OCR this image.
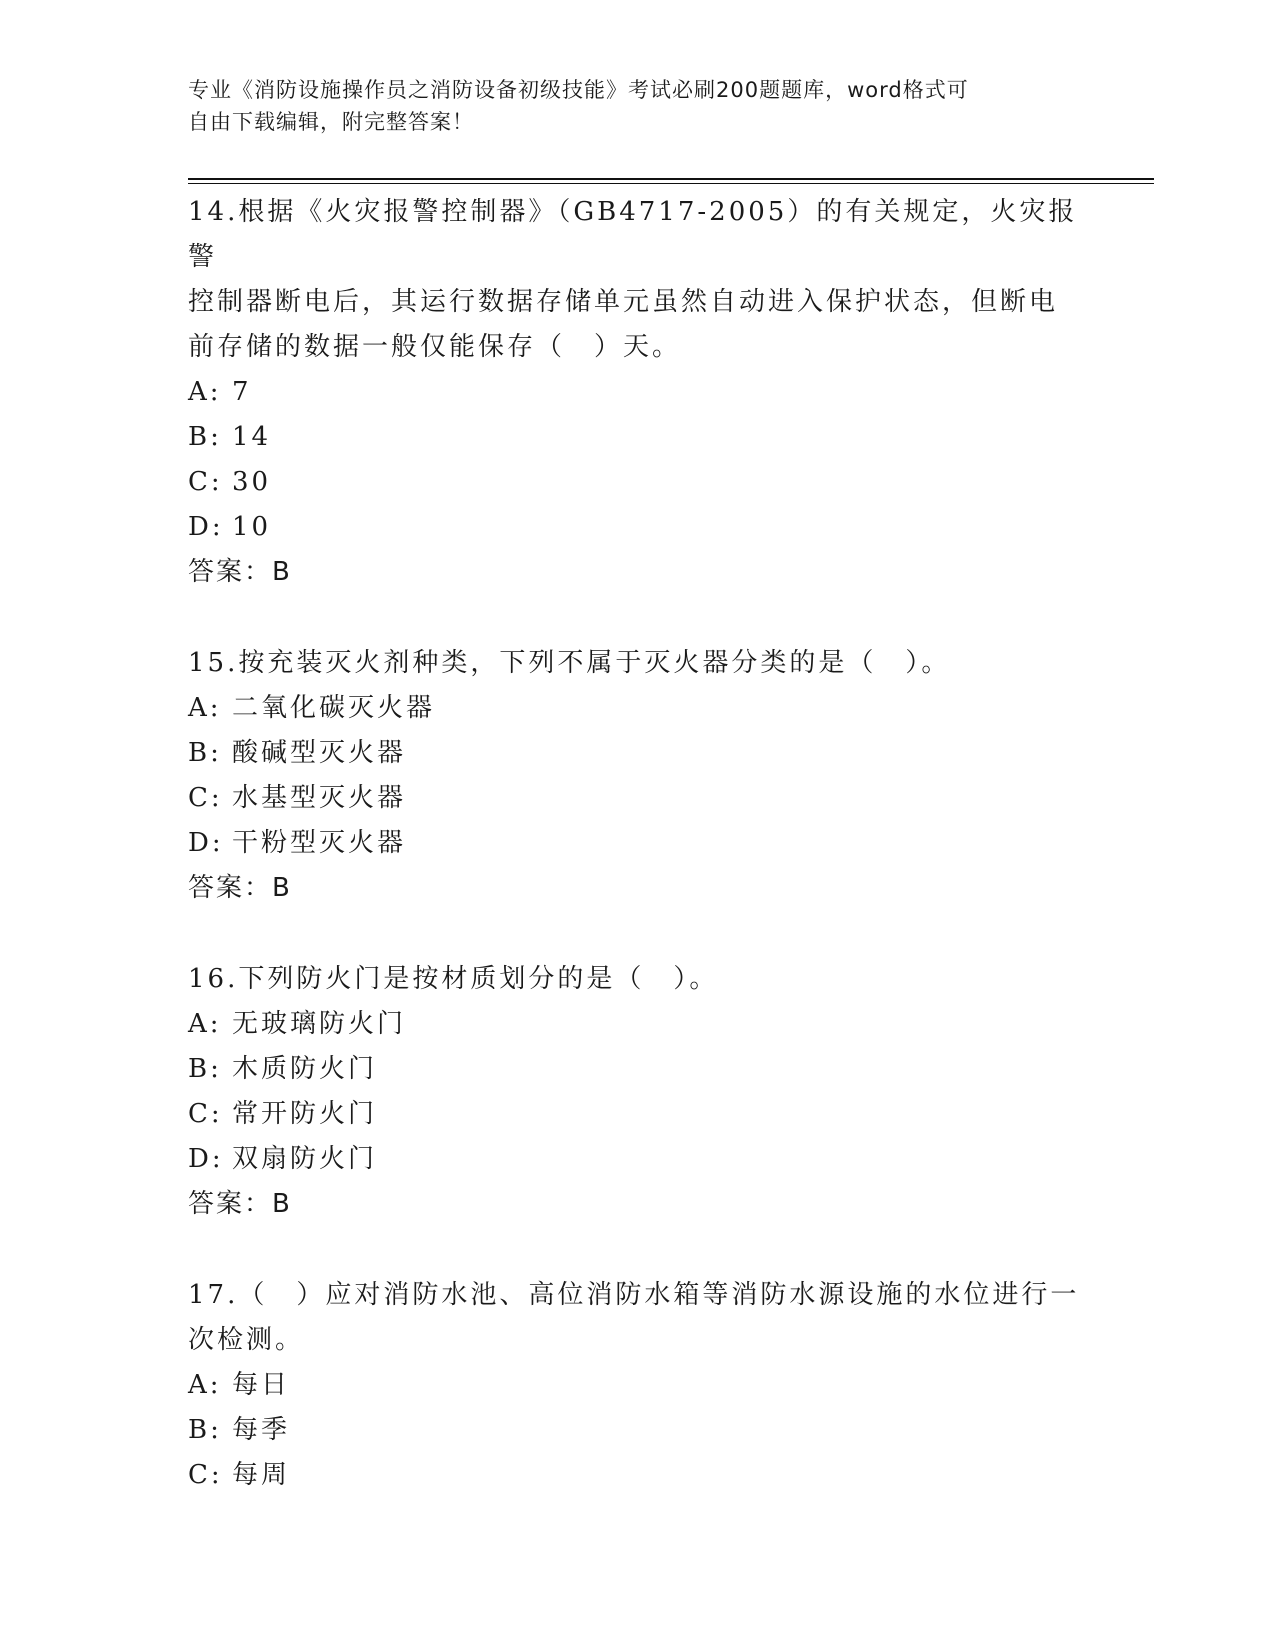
专业《消防设施操作员之消防设备初级技能》考试必刷200题题库，word格式可
自由下载编辑，附完整答案！
14.根据《火灾报警控制器》（GB4717-2005）的有关规定，火灾报警
控制器断电后，其运行数据存储单元虽然自动进入保护状态，但断电
前存储的数据一般仅能保存（　）天。
A: 7
B: 14
C: 30
D: 10
答案：B
15.按充装灭火剂种类，下列不属于灭火器分类的是（　）。
A: 二氧化碳灭火器
B: 酸碱型灭火器
C: 水基型灭火器
D: 干粉型灭火器
答案：B
16.下列防火门是按材质划分的是（　）。
A: 无玻璃防火门
B: 木质防火门
C: 常开防火门
D: 双扇防火门
答案：B
17.（　）应对消防水池、高位消防水箱等消防水源设施的水位进行一
次检测。
A: 每日
B: 每季
C: 每周
